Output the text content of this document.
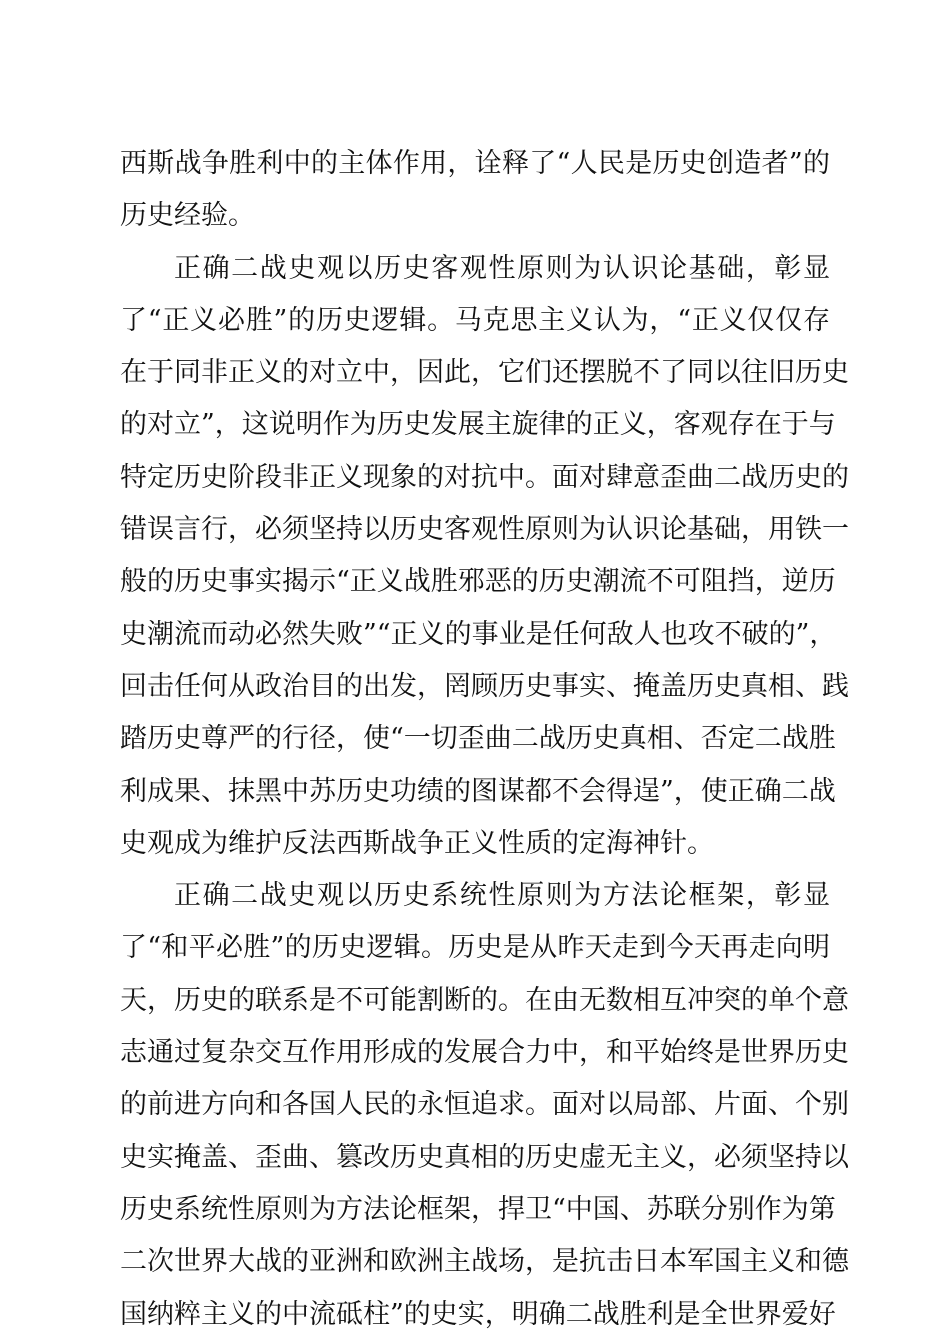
西斯战争胜利中的主体作用，诠释了“人民是历史创造者”的
历史经验。
正确二战史观以历史客观性原则为认识论基础，彰显
了“正义必胜”的历史逻辑。马克思主义认为，“正义仅仅存
在于同非正义的对立中，因此，它们还摆脱不了同以往旧历史
的对立”，这说明作为历史发展主旋律的正义，客观存在于与
特定历史阶段非正义现象的对抗中。面对肆意歪曲二战历史的
错误言行，必须坚持以历史客观性原则为认识论基础，用铁一
般的历史事实揭示“正义战胜邪恶的历史潮流不可阻挡，逆历
史潮流而动必然失败”“正义的事业是任何敌人也攻不破的”，
回击任何从政治目的出发，罔顾历史事实、掩盖历史真相、践
踏历史尊严的行径，使“一切歪曲二战历史真相、否定二战胜
利成果、抹黑中苏历史功绩的图谋都不会得逞”，使正确二战
史观成为维护反法西斯战争正义性质的定海神针。
正确二战史观以历史系统性原则为方法论框架，彰显
了“和平必胜”的历史逻辑。历史是从昨天走到今天再走向明
天，历史的联系是不可能割断的。在由无数相互冲突的单个意
志通过复杂交互作用形成的发展合力中，和平始终是世界历史
的前进方向和各国人民的永恒追求。面对以局部、片面、个别
史实掩盖、歪曲、篡改历史真相的历史虚无主义，必须坚持以
历史系统性原则为方法论框架，捍卫“中国、苏联分别作为第
二次世界大战的亚洲和欧洲主战场，是抗击日本军国主义和德
国纳粹主义的中流砥柱”的史实，明确二战胜利是全世界爱好
